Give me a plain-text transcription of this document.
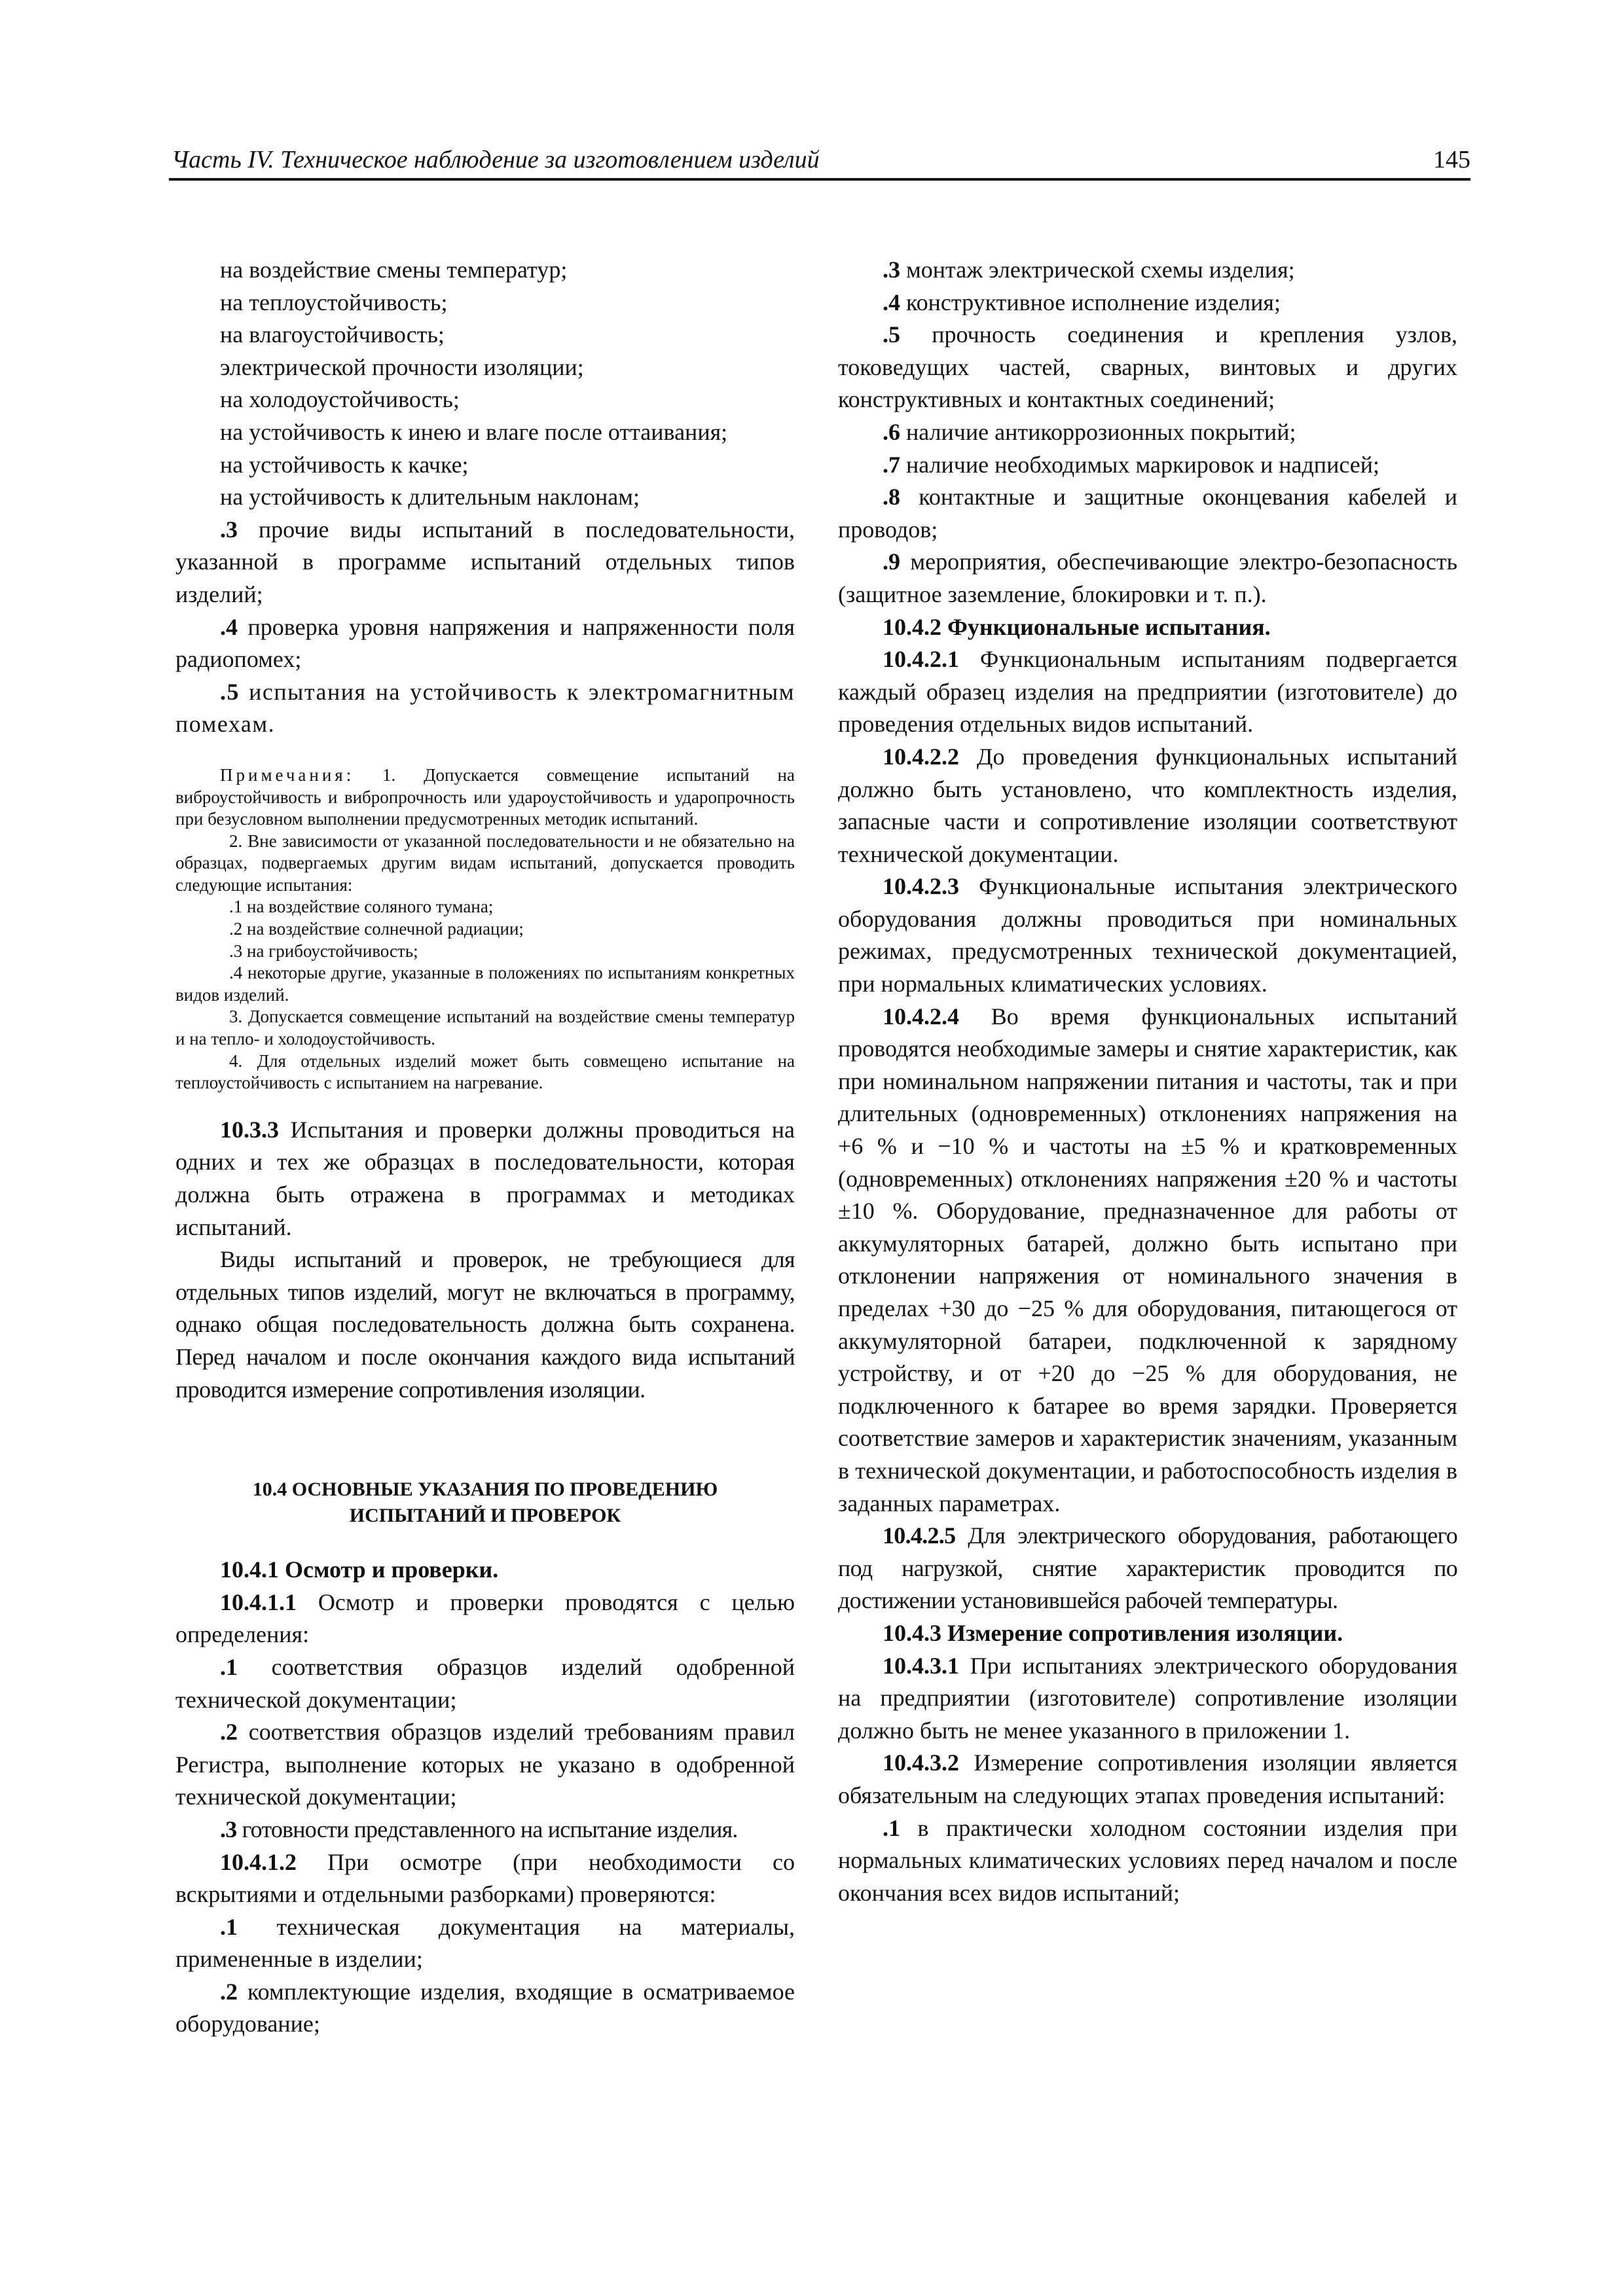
Часть IV. Техническое наблюдение за изготовлением изделий	145

на воздействие смены температур;

на теплоустойчивость;

на влагоустойчивость;

электрической прочности изоляции;

на холодоустойчивость;

на устойчивость к инею и влаге после оттаивания;

на устойчивость к качке;

на устойчивость к длительным наклонам;

.3 прочие виды испытаний в последовательности, указанной в программе испытаний отдельных типов изделий;

.4 проверка уровня напряжения и напряженности поля радиопомех;

.5 испытания на устойчивость к электромагнитным помехам.

Примечания: 1. Допускается совмещение испытаний на виброустойчивость и вибропрочность или удароустойчивость и ударопрочность при безусловном выполнении предусмотренных методик испытаний.

2. Вне зависимости от указанной последовательности и не обязательно на образцах, подвергаемых другим видам испытаний, допускается проводить следующие испытания:

.1 на воздействие соляного тумана;

.2 на воздействие солнечной радиации;

.3 на грибоустойчивость;

.4 некоторые другие, указанные в положениях по испытаниям конкретных видов изделий.

3. Допускается совмещение испытаний на воздействие смены температур и на тепло- и холодоустойчивость.

4. Для отдельных изделий может быть совмещено испытание на теплоустойчивость с испытанием на нагревание.

10.3.3 Испытания и проверки должны проводиться на одних и тех же образцах в последовательности, которая должна быть отражена в программах и методиках испытаний.

Виды испытаний и проверок, не требующиеся для отдельных типов изделий, могут не включаться в программу, однако общая последовательность должна быть сохранена. Перед началом и после окончания каждого вида испытаний проводится измерение сопротивления изоляции.

10.4 ОСНОВНЫЕ УКАЗАНИЯ ПО ПРОВЕДЕНИЮ
ИСПЫТАНИЙ И ПРОВЕРОК

10.4.1 Осмотр и проверки.

10.4.1.1 Осмотр и проверки проводятся с целью определения:

.1 соответствия образцов изделий одобренной технической документации;

.2 соответствия образцов изделий требованиям правил Регистра, выполнение которых не указано в одобренной технической документации;

.3 готовности представленного на испытание изделия.

10.4.1.2 При осмотре (при необходимости со вскрытиями и отдельными разборками) проверяются:

.1 техническая документация на материалы, примененные в изделии;

.2 комплектующие изделия, входящие в осматриваемое оборудование;

.3 монтаж электрической схемы изделия;

.4 конструктивное исполнение изделия;

.5 прочность соединения и крепления узлов, токоведущих частей, сварных, винтовых и других конструктивных и контактных соединений;

.6 наличие антикоррозионных покрытий;

.7 наличие необходимых маркировок и надписей;

.8 контактные и защитные оконцевания кабелей и проводов;

.9 мероприятия, обеспечивающие электро-безопасность (защитное заземление, блокировки и т. п.).

10.4.2 Функциональные испытания.

10.4.2.1 Функциональным испытаниям подвергается каждый образец изделия на предприятии (изготовителе) до проведения отдельных видов испытаний.

10.4.2.2 До проведения функциональных испытаний должно быть установлено, что комплектность изделия, запасные части и сопротивление изоляции соответствуют технической документации.

10.4.2.3 Функциональные испытания электрического оборудования должны проводиться при номинальных режимах, предусмотренных технической документацией, при нормальных климатических условиях.

10.4.2.4 Во время функциональных испытаний проводятся необходимые замеры и снятие характеристик, как при номинальном напряжении питания и частоты, так и при длительных (одновременных) отклонениях напряжения на +6 % и −10 % и частоты на ±5 % и кратковременных (одновременных) отклонениях напряжения ±20 % и частоты ±10 %. Оборудование, предназначенное для работы от аккумуляторных батарей, должно быть испытано при отклонении напряжения от номинального значения в пределах +30 до −25 % для оборудования, питающегося от аккумуляторной батареи, подключенной к зарядному устройству, и от +20 до −25 % для оборудования, не подключенного к батарее во время зарядки. Проверяется соответствие замеров и характеристик значениям, указанным в технической документации, и работоспособность изделия в заданных параметрах.

10.4.2.5 Для электрического оборудования, работающего под нагрузкой, снятие характеристик проводится по достижении установившейся рабочей температуры.

10.4.3 Измерение сопротивления изоляции.

10.4.3.1 При испытаниях электрического оборудования на предприятии (изготовителе) сопротивление изоляции должно быть не менее указанного в приложении 1.

10.4.3.2 Измерение сопротивления изоляции является обязательным на следующих этапах проведения испытаний:

.1 в практически холодном состоянии изделия при нормальных климатических условиях перед началом и после окончания всех видов испытаний;
